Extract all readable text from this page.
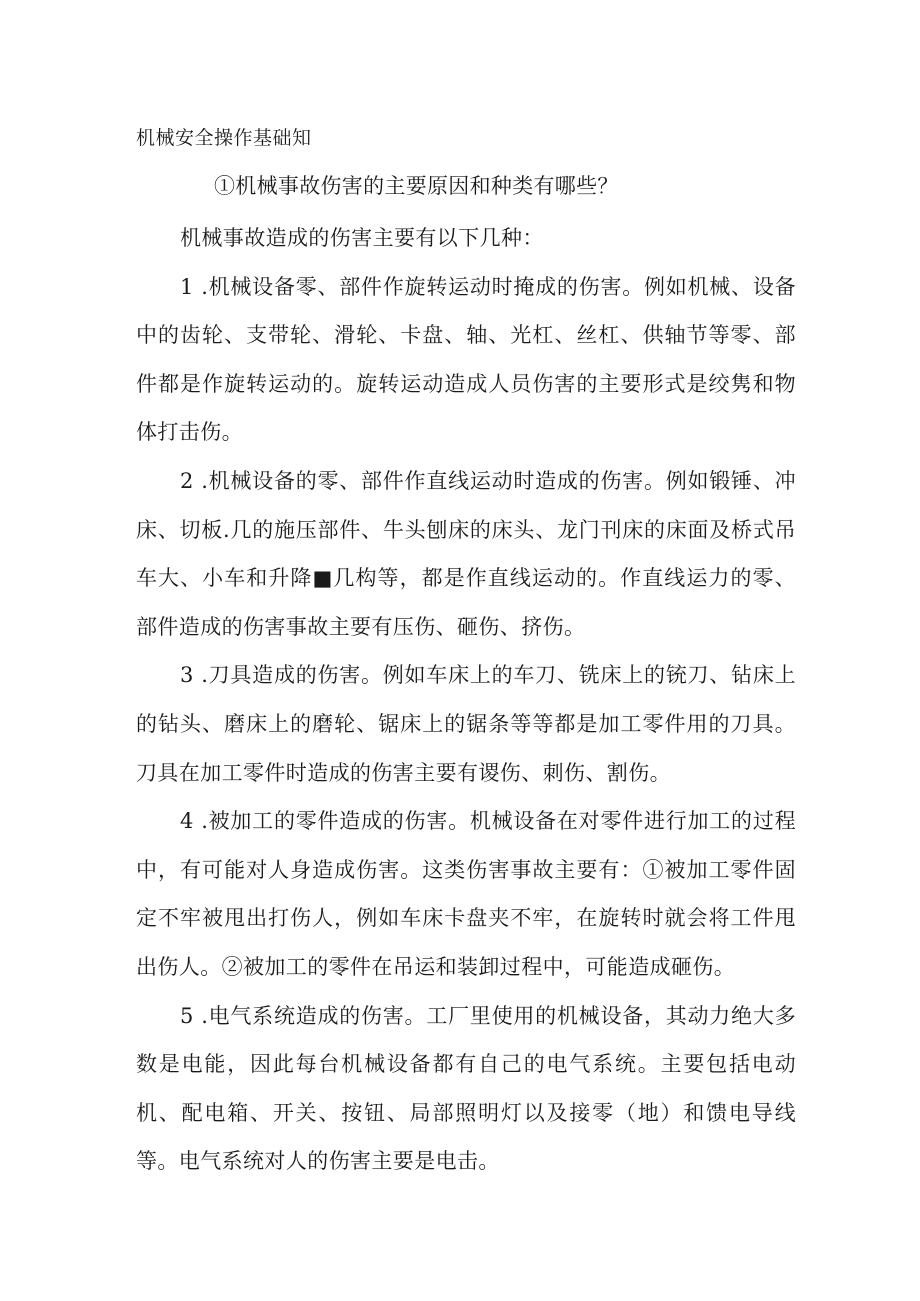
机械安全操作基础知
①机械事故伤害的主要原因和种类有哪些？

机械事故造成的伤害主要有以下几种：

1 .机械设备零、部件作旋转运动时掩成的伤害。例如机械、设备中的齿轮、支带轮、滑轮、卡盘、轴、光杠、丝杠、供轴节等零、部件都是作旋转运动的。旋转运动造成人员伤害的主要形式是绞隽和物体打击伤。

2 .机械设备的零、部件作直线运动时造成的伤害。例如锻锤、冲床、切板.几的施压部件、牛头刨床的床头、龙门刊床的床面及桥式吊车大、小车和升降■几构等，都是作直线运动的。作直线运力的零、部件造成的伤害事故主要有压伤、砸伤、挤伤。

3 .刀具造成的伤害。例如车床上的车刀、铣床上的铳刀、钻床上的钻头、磨床上的磨轮、锯床上的锯条等等都是加工零件用的刀具。刀具在加工零件时造成的伤害主要有谡伤、刺伤、割伤。

4 .被加工的零件造成的伤害。机械设备在对零件进行加工的过程中，有可能对人身造成伤害。这类伤害事故主要有：①被加工零件固定不牢被甩出打伤人，例如车床卡盘夹不牢，在旋转时就会将工件甩出伤人。②被加工的零件在吊运和装卸过程中，可能造成砸伤。

5 .电气系统造成的伤害。工厂里使用的机械设备，其动力绝大多数是电能，因此每台机械设备都有自己的电气系统。主要包括电动机、配电箱、开关、按钮、局部照明灯以及接零（地）和馈电导线等。电气系统对人的伤害主要是电击。
